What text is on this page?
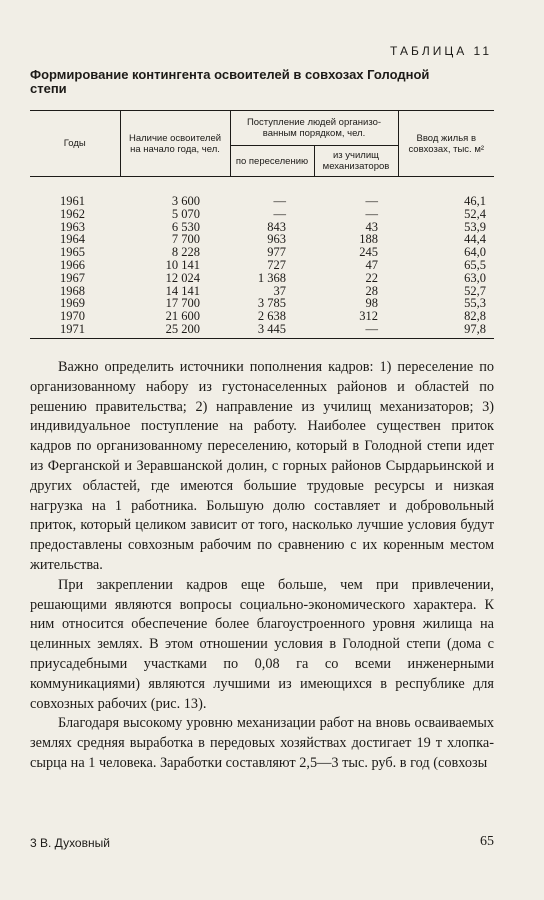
ТАБЛИЦА 11
Формирование контингента освоителей в совхозах Голодной степи
Годы	Наличие освоителей на начало года, чел.	Поступление людей организованным порядком, чел.		Ввод жилья в совхозах, тыс. м²
		по переселению	из училищ механизаторов	
1961	3 600	—	—	46,1
1962	5 070	—	—	52,4
1963	6 530	843	43	53,9
1964	7 700	963	188	44,4
1965	8 228	977	245	64,0
1966	10 141	727	47	65,5
1967	12 024	1 368	22	63,0
1968	14 141	37	28	52,7
1969	17 700	3 785	98	55,3
1970	21 600	2 638	312	82,8
1971	25 200	3 445	—	97,8

Важно определить источники пополнения кадров: 1) переселение по организованному набору из густонаселенных районов и областей по решению правительства; 2) направление из училищ механизаторов; 3) индивидуальное поступление на работу. Наиболее существен приток кадров по организованному переселению, который в Голодной степи идет из Ферганской и Зеравшанской долин, с горных районов Сырдарьинской и других областей, где имеются большие трудовые ресурсы и низкая нагрузка на 1 работника. Большую долю составляет и добровольный приток, который целиком зависит от того, насколько лучшие условия будут предоставлены совхозным рабочим по сравнению с их коренным местом жительства.

При закреплении кадров еще больше, чем при привлечении, решающими являются вопросы социально-экономического характера. К ним относится обеспечение более благоустроенного уровня жилища на целинных землях. В этом отношении условия в Голодной степи (дома с приусадебными участками по 0,08 га со всеми инженерными коммуникациями) являются лучшими из имеющихся в республике для совхозных рабочих (рис. 13).

Благодаря высокому уровню механизации работ на вновь осваиваемых землях средняя выработка в передовых хозяйствах достигает 19 т хлопка-сырца на 1 человека. Заработки составляют 2,5—3 тыс. руб. в год (совхозы

3 В. Духовный	65
